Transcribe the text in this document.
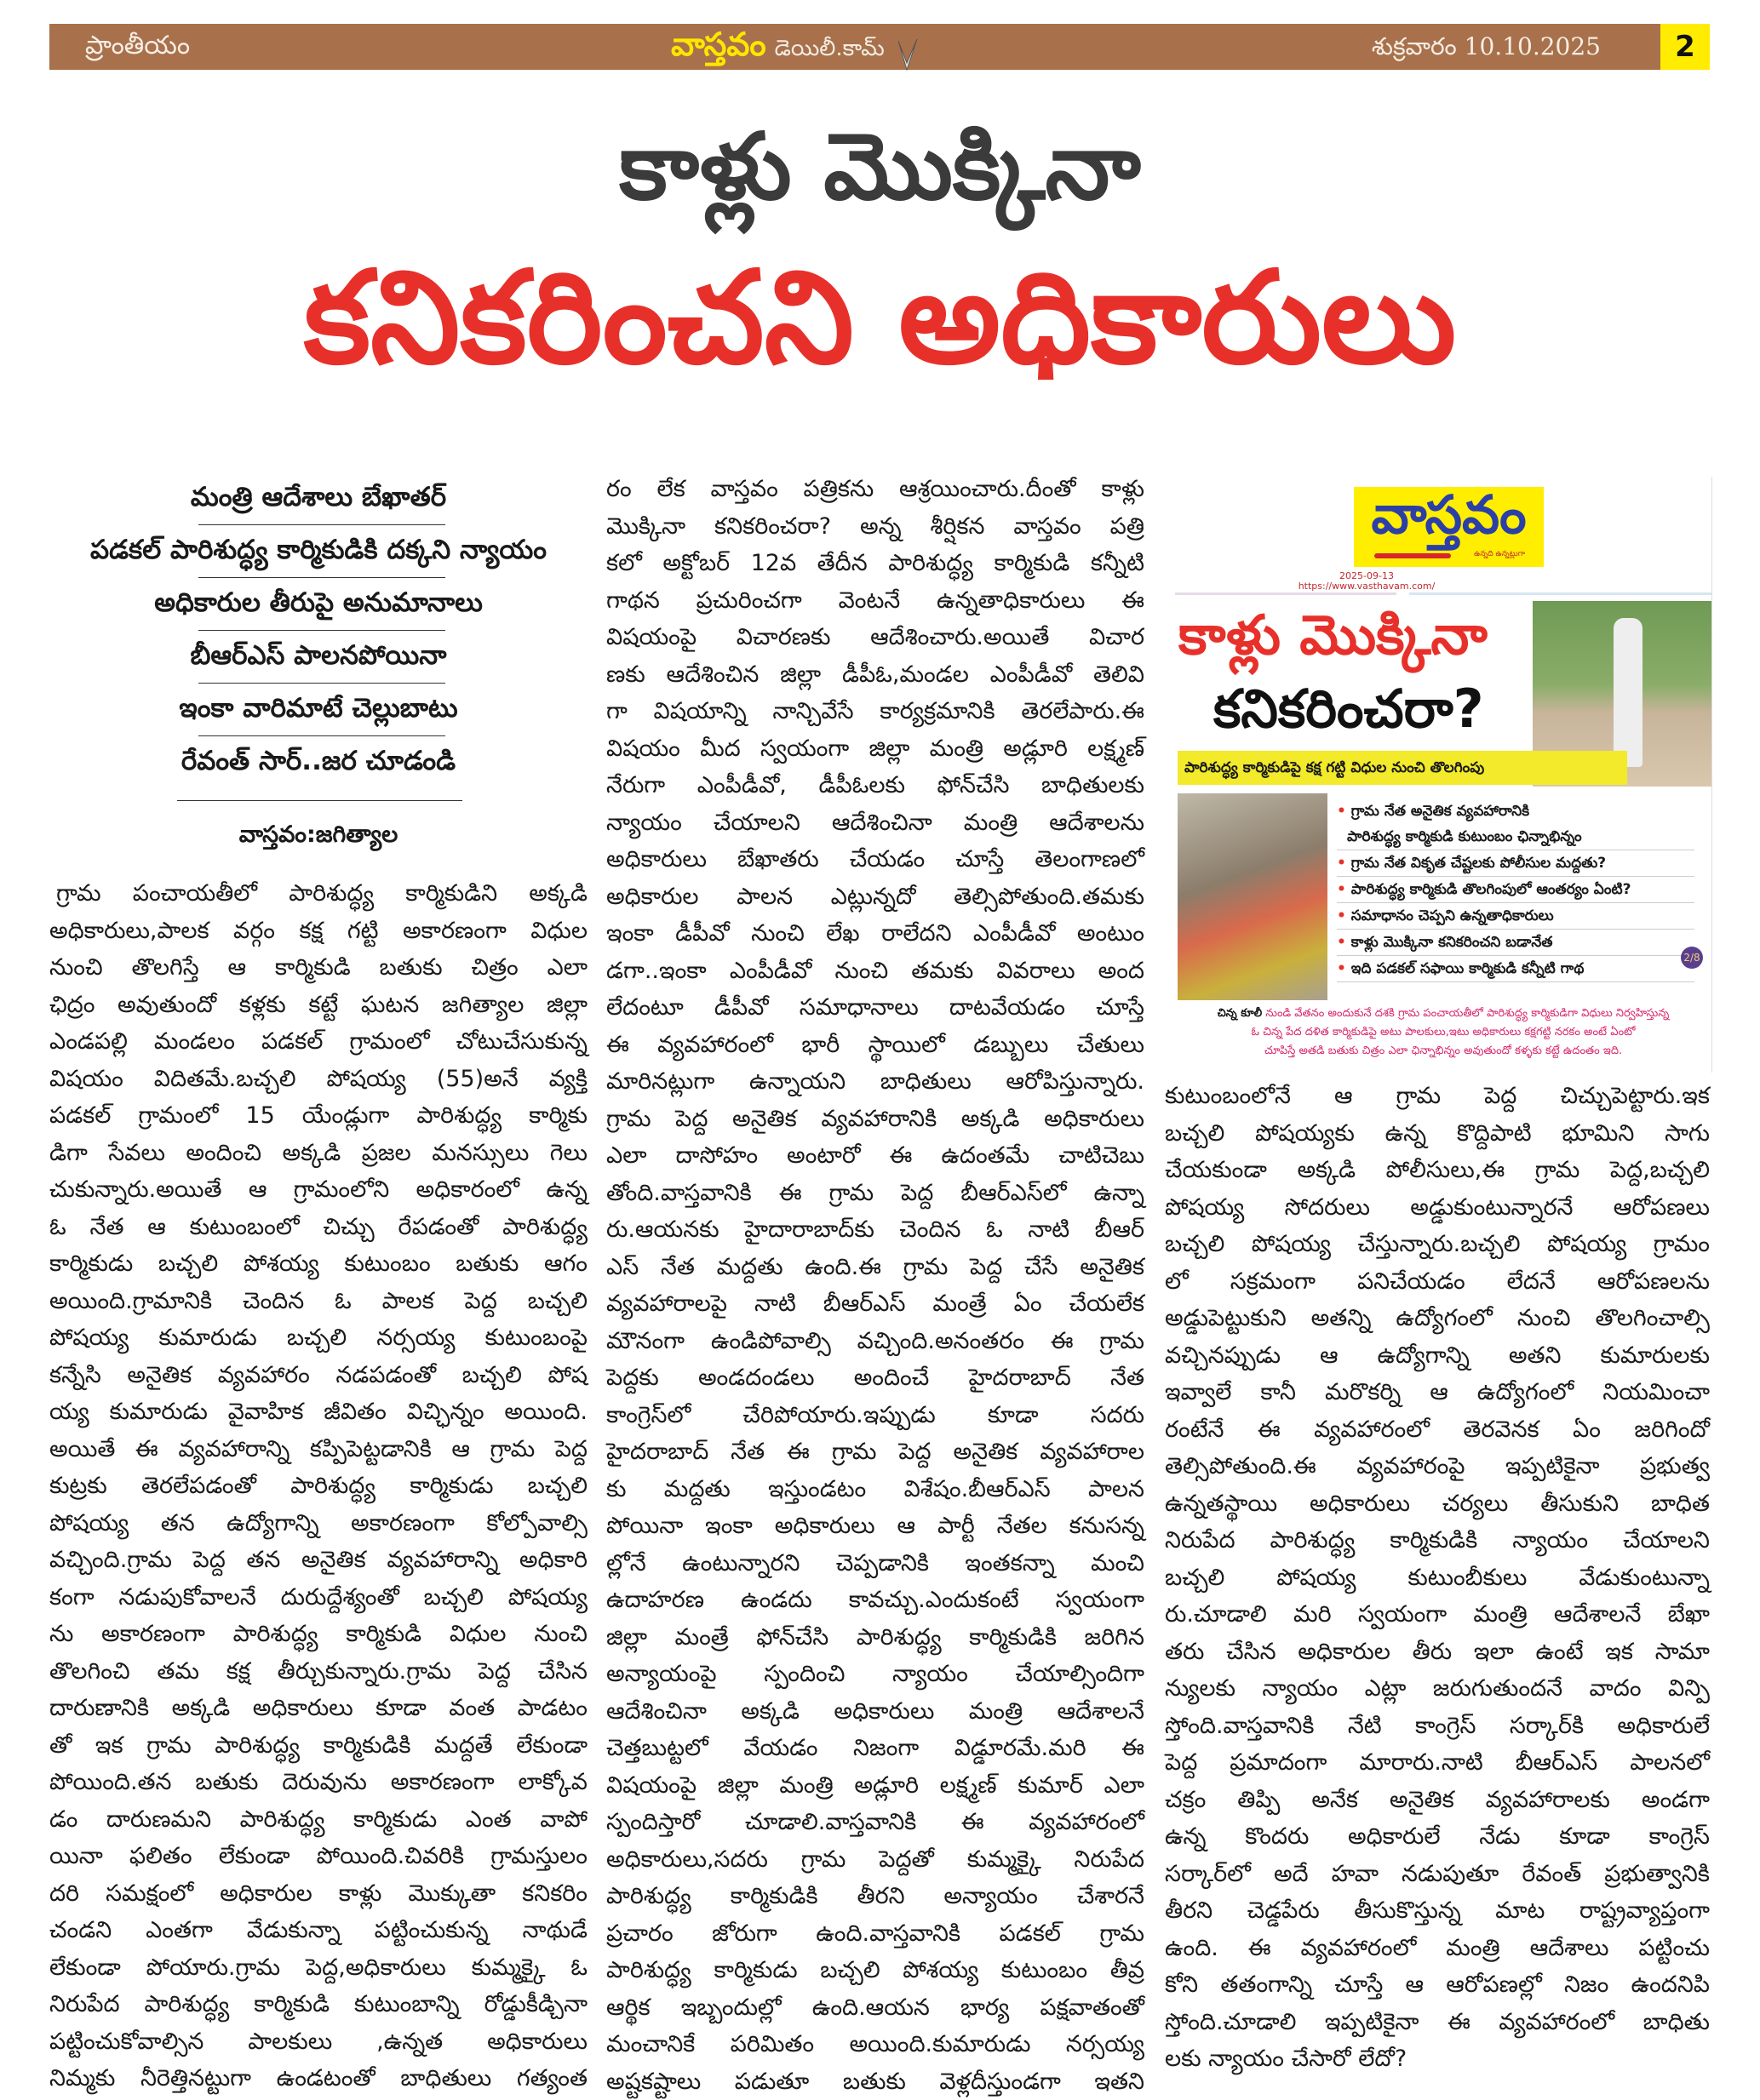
ప్రాంతీయం	వాస్తవం డెయిలీ.కామ్	శుక్రవారం 10.10.2025	2
కాళ్లు మొక్కినా
కనికరించని అధికారులు
మంత్రి ఆదేశాలు బేఖాతర్
పడకల్ పారిశుద్ధ్య కార్మికుడికి దక్కని న్యాయం
అధికారుల తీరుపై అనుమానాలు
బీఆర్ఎస్ పాలనపోయినా
ఇంకా వారిమాటే చెల్లుబాటు
రేవంత్ సార్..జర చూడండి
వాస్తవం:జగిత్యాల
గ్రామ పంచాయతీలో పారిశుద్ధ్య కార్మికుడిని అక్కడి
అధికారులు,పాలక వర్గం కక్ష గట్టి అకారణంగా విధుల
నుంచి తొలగిస్తే ఆ కార్మికుడి బతుకు చిత్రం ఎలా
ఛిద్రం అవుతుందో కళ్లకు కట్టే ఘటన జగిత్యాల జిల్లా
ఎండపల్లి మండలం పడకల్ గ్రామంలో చోటుచేసుకున్న
విషయం విదితమే.బచ్చలి పోషయ్య (55)అనే వ్యక్తి
పడకల్ గ్రామంలో 15 యేండ్లుగా పారిశుద్ధ్య కార్మికు
డిగా సేవలు అందించి అక్కడి ప్రజల మనస్సులు గెలు
చుకున్నారు.అయితే ఆ గ్రామంలోని అధికారంలో ఉన్న
ఓ నేత ఆ కుటుంబంలో చిచ్చు రేపడంతో పారిశుద్ధ్య
కార్మికుడు బచ్చలి పోశయ్య కుటుంబం బతుకు ఆగం
అయింది.గ్రామానికి చెందిన ఓ పాలక పెద్ద బచ్చలి
పోషయ్య కుమారుడు బచ్చలి నర్సయ్య కుటుంబంపై
కన్నేసి అనైతిక వ్యవహారం నడపడంతో బచ్చలి పోష
య్య కుమారుడు వైవాహిక జీవితం విచ్ఛిన్నం అయింది.
అయితే ఈ వ్యవహారాన్ని కప్పిపెట్టడానికి ఆ గ్రామ పెద్ద
కుట్రకు తెరలేపడంతో పారిశుద్ధ్య కార్మికుడు బచ్చలి
పోషయ్య తన ఉద్యోగాన్ని అకారణంగా కోల్పోవాల్సి
వచ్చింది.గ్రామ పెద్ద తన అనైతిక వ్యవహారాన్ని అధికారి
కంగా నడుపుకోవాలనే దురుద్దేశ్యంతో బచ్చలి పోషయ్య
ను అకారణంగా పారిశుద్ధ్య కార్మికుడి విధుల నుంచి
తొలగించి తమ కక్ష తీర్చుకున్నారు.గ్రామ పెద్ద చేసిన
దారుణానికి అక్కడి అధికారులు కూడా వంత పాడటం
తో ఇక గ్రామ పారిశుద్ధ్య కార్మికుడికి మద్దతే లేకుండా
పోయింది.తన బతుకు దెరువును అకారణంగా లాక్కోవ
డం దారుణమని పారిశుద్ధ్య కార్మికుడు ఎంత వాపో
యినా ఫలితం లేకుండా పోయింది.చివరికి గ్రామస్తులం
దరి సమక్షంలో అధికారుల కాళ్లు మొక్కుతా కనికరిం
చండని ఎంతగా వేడుకున్నా పట్టించుకున్న నాథుడే
లేకుండా పోయారు.గ్రామ పెద్ద,అధికారులు కుమ్మక్కై ఓ
నిరుపేద పారిశుద్ధ్య కార్మికుడి కుటుంబాన్ని రోడ్డుకీడ్చినా
పట్టించుకోవాల్సిన పాలకులు ,ఉన్నత అధికారులు
నిమ్మకు నీరెత్తినట్టుగా ఉండటంతో బాధితులు గత్యంత
రం లేక వాస్తవం పత్రికను ఆశ్రయించారు.దీంతో కాళ్లు
మొక్కినా కనికరించరా? అన్న శీర్షికన వాస్తవం పత్రి
కలో అక్టోబర్ 12వ తేదీన పారిశుద్ధ్య కార్మికుడి కన్నీటి
గాథన ప్రచురించగా వెంటనే ఉన్నతాధికారులు ఈ
విషయంపై విచారణకు ఆదేశించారు.అయితే విచార
ణకు ఆదేశించిన జిల్లా డీపీఓ,మండల ఎంపీడీవో తెలివి
గా విషయాన్ని నాన్చివేసే కార్యక్రమానికి తెరలేపారు.ఈ
విషయం మీద స్వయంగా జిల్లా మంత్రి అడ్లూరి లక్ష్మణ్
నేరుగా ఎంపీడీవో, డీపీఓలకు ఫోన్‌చేసి బాధితులకు
న్యాయం చేయాలని ఆదేశించినా మంత్రి ఆదేశాలను
అధికారులు బేఖాతరు చేయడం చూస్తే తెలంగాణలో
అధికారుల పాలన ఎట్లున్నదో తెల్సిపోతుంది.తమకు
ఇంకా డీపీవో నుంచి లేఖ రాలేదని ఎంపీడీవో అంటుం
డగా..ఇంకా ఎంపీడీవో నుంచి తమకు వివరాలు అంద
లేదంటూ డీపీవో సమాధానాలు దాటవేయడం చూస్తే
ఈ వ్యవహారంలో భారీ స్థాయిలో డబ్బులు చేతులు
మారినట్లుగా ఉన్నాయని బాధితులు ఆరోపిస్తున్నారు.
గ్రామ పెద్ద అనైతిక వ్యవహారానికి అక్కడి అధికారులు
ఎలా దాసోహం అంటారో ఈ ఉదంతమే చాటిచెబు
తోంది.వాస్తవానికి ఈ గ్రామ పెద్ద బీఆర్ఎస్‌లో ఉన్నా
రు.ఆయనకు హైదారాబాద్‌కు చెందిన ఓ నాటి బీఆర్
ఎస్ నేత మద్దతు ఉంది.ఈ గ్రామ పెద్ద చేసే అనైతిక
వ్యవహారాలపై నాటి బీఆర్ఎస్ మంత్రే ఏం చేయలేక
మౌనంగా ఉండిపోవాల్సి వచ్చింది.అనంతరం ఈ గ్రామ
పెద్దకు అండదండలు అందించే హైదరాబాద్ నేత
కాంగ్రెస్‌లో చేరిపోయారు.ఇప్పుడు కూడా సదరు
హైదరాబాద్ నేత ఈ గ్రామ పెద్ద అనైతిక వ్యవహారాల
కు మద్దతు ఇస్తుండటం విశేషం.బీఆర్ఎస్ పాలన
పోయినా ఇంకా అధికారులు ఆ పార్టీ నేతల కనుసన్న
ల్లోనే ఉంటున్నారని చెప్పడానికి ఇంతకన్నా మంచి
ఉదాహరణ ఉండదు కావచ్చు.ఎందుకంటే స్వయంగా
జిల్లా మంత్రే ఫోన్‌చేసి పారిశుద్ధ్య కార్మికుడికి జరిగిన
అన్యాయంపై స్పందించి న్యాయం చేయాల్సిందిగా
ఆదేశించినా అక్కడి అధికారులు మంత్రి ఆదేశాలనే
చెత్తబుట్టలో వేయడం నిజంగా విడ్డూరమే.మరి ఈ
విషయంపై జిల్లా మంత్రి అడ్లూరి లక్ష్మణ్ కుమార్ ఎలా
స్పందిస్తారో చూడాలి.వాస్తవానికి ఈ వ్యవహారంలో
అధికారులు,సదరు గ్రామ పెద్దతో కుమ్మక్కై నిరుపేద
పారిశుద్ధ్య కార్మికుడికి తీరని అన్యాయం చేశారనే
ప్రచారం జోరుగా ఉంది.వాస్తవానికి పడకల్ గ్రామ
పారిశుద్ధ్య కార్మికుడు బచ్చలి పోశయ్య కుటుంబం తీవ్ర
ఆర్థిక ఇబ్బందుల్లో ఉంది.ఆయన భార్య పక్షవాతంతో
మంచానికే పరిమితం అయింది.కుమారుడు నర్సయ్య
అష్టకష్టాలు పడుతూ బతుకు వెళ్లదీస్తుండగా ఇతని
కుటుంబంలోనే ఆ గ్రామ పెద్ద చిచ్చుపెట్టారు.ఇక
బచ్చలి పోషయ్యకు ఉన్న కొద్దిపాటి భూమిని సాగు
చేయకుండా అక్కడి పోలీసులు,ఈ గ్రామ పెద్ద,బచ్చలి
పోషయ్య సోదరులు అడ్డుకుంటున్నారనే ఆరోపణలు
బచ్చలి పోషయ్య చేస్తున్నారు.బచ్చలి పోషయ్య గ్రామం
లో సక్రమంగా పనిచేయడం లేదనే ఆరోపణలను
అడ్డుపెట్టుకుని అతన్ని ఉద్యోగంలో నుంచి తొలగించాల్సి
వచ్చినప్పుడు ఆ ఉద్యోగాన్ని అతని కుమారులకు
ఇవ్వాలే కానీ మరొకర్ని ఆ ఉద్యోగంలో నియమించా
రంటేనే ఈ వ్యవహారంలో తెరవెనక ఏం జరిగిందో
తెల్సిపోతుంది.ఈ వ్యవహారంపై ఇప్పటికైనా ప్రభుత్వ
ఉన్నతస్థాయి అధికారులు చర్యలు తీసుకుని బాధిత
నిరుపేద పారిశుద్ధ్య కార్మికుడికి న్యాయం చేయాలని
బచ్చలి పోషయ్య కుటుంబీకులు వేడుకుంటున్నా
రు.చూడాలి మరి స్వయంగా మంత్రి ఆదేశాలనే బేఖా
తరు చేసిన అధికారుల తీరు ఇలా ఉంటే ఇక సామా
న్యులకు న్యాయం ఎట్లా జరుగుతుందనే వాదం విన్పి
స్తోంది.వాస్తవానికి నేటి కాంగ్రెస్ సర్కార్‌కి అధికారులే
పెద్ద ప్రమాదంగా మారారు.నాటి బీఆర్ఎస్ పాలనలో
చక్రం తిప్పి అనేక అనైతిక వ్యవహారాలకు అండగా
ఉన్న కొందరు అధికారులే నేడు కూడా కాంగ్రెస్
సర్కార్‌లో అదే హవా నడుపుతూ రేవంత్ ప్రభుత్వానికి
తీరని చెడ్డపేరు తీసుకొస్తున్న మాట రాష్ట్రవ్యాప్తంగా
ఉంది. ఈ వ్యవహారంలో మంత్రి ఆదేశాలు పట్టించు
కోని తతంగాన్ని చూస్తే ఆ ఆరోపణల్లో నిజం ఉందనిపి
స్తోంది.చూడాలి ఇప్పటికైనా ఈ వ్యవహారంలో బాధితు
లకు న్యాయం చేసారో లేదో?
వాస్తవం
ఉన్నది ఉన్నట్లుగా
2025-09-13
https://www.vasthavam.com/
కాళ్లు మొక్కినా
కనికరించరా?
పారిశుద్ధ్య కార్మికుడిపై కక్ష గట్టి విధుల నుంచి తొలగింపు
• గ్రామ నేత అనైతిక వ్యవహారానికి
పారిశుద్ధ్య కార్మికుడి కుటుంబం ఛిన్నాభిన్నం
• గ్రామ నేత వికృత చేష్టలకు పోలీసుల మద్దతు?
• పారిశుద్ధ్య కార్మికుడి తొలగింపులో ఆంతర్యం ఏంటి?
• సమాధానం చెప్పని ఉన్నతాధికారులు
• కాళ్లు మొక్కినా కనికరించని బడానేత
• ఇది పడకల్ సఫాయి కార్మికుడి కన్నీటి గాథ
2/8
చిన్న కూలీ నుండి వేతనం అందుకునే దశకి గ్రామ పంచాయతీలో పారిశుద్ధ్య కార్మికుడిగా విధులు నిర్వహిస్తున్న
ఓ చిన్న పేద దళిత కార్మికుడిపై అటు పాలకులు,ఇటు అధికారులు కక్షగట్టి నరకం అంటే ఏంటో
చూపిస్తే అతడి బతుకు చిత్రం ఎలా ఛిన్నాభిన్నం అవుతుందో కళ్ళకు కట్టే ఉదంతం ఇది.
